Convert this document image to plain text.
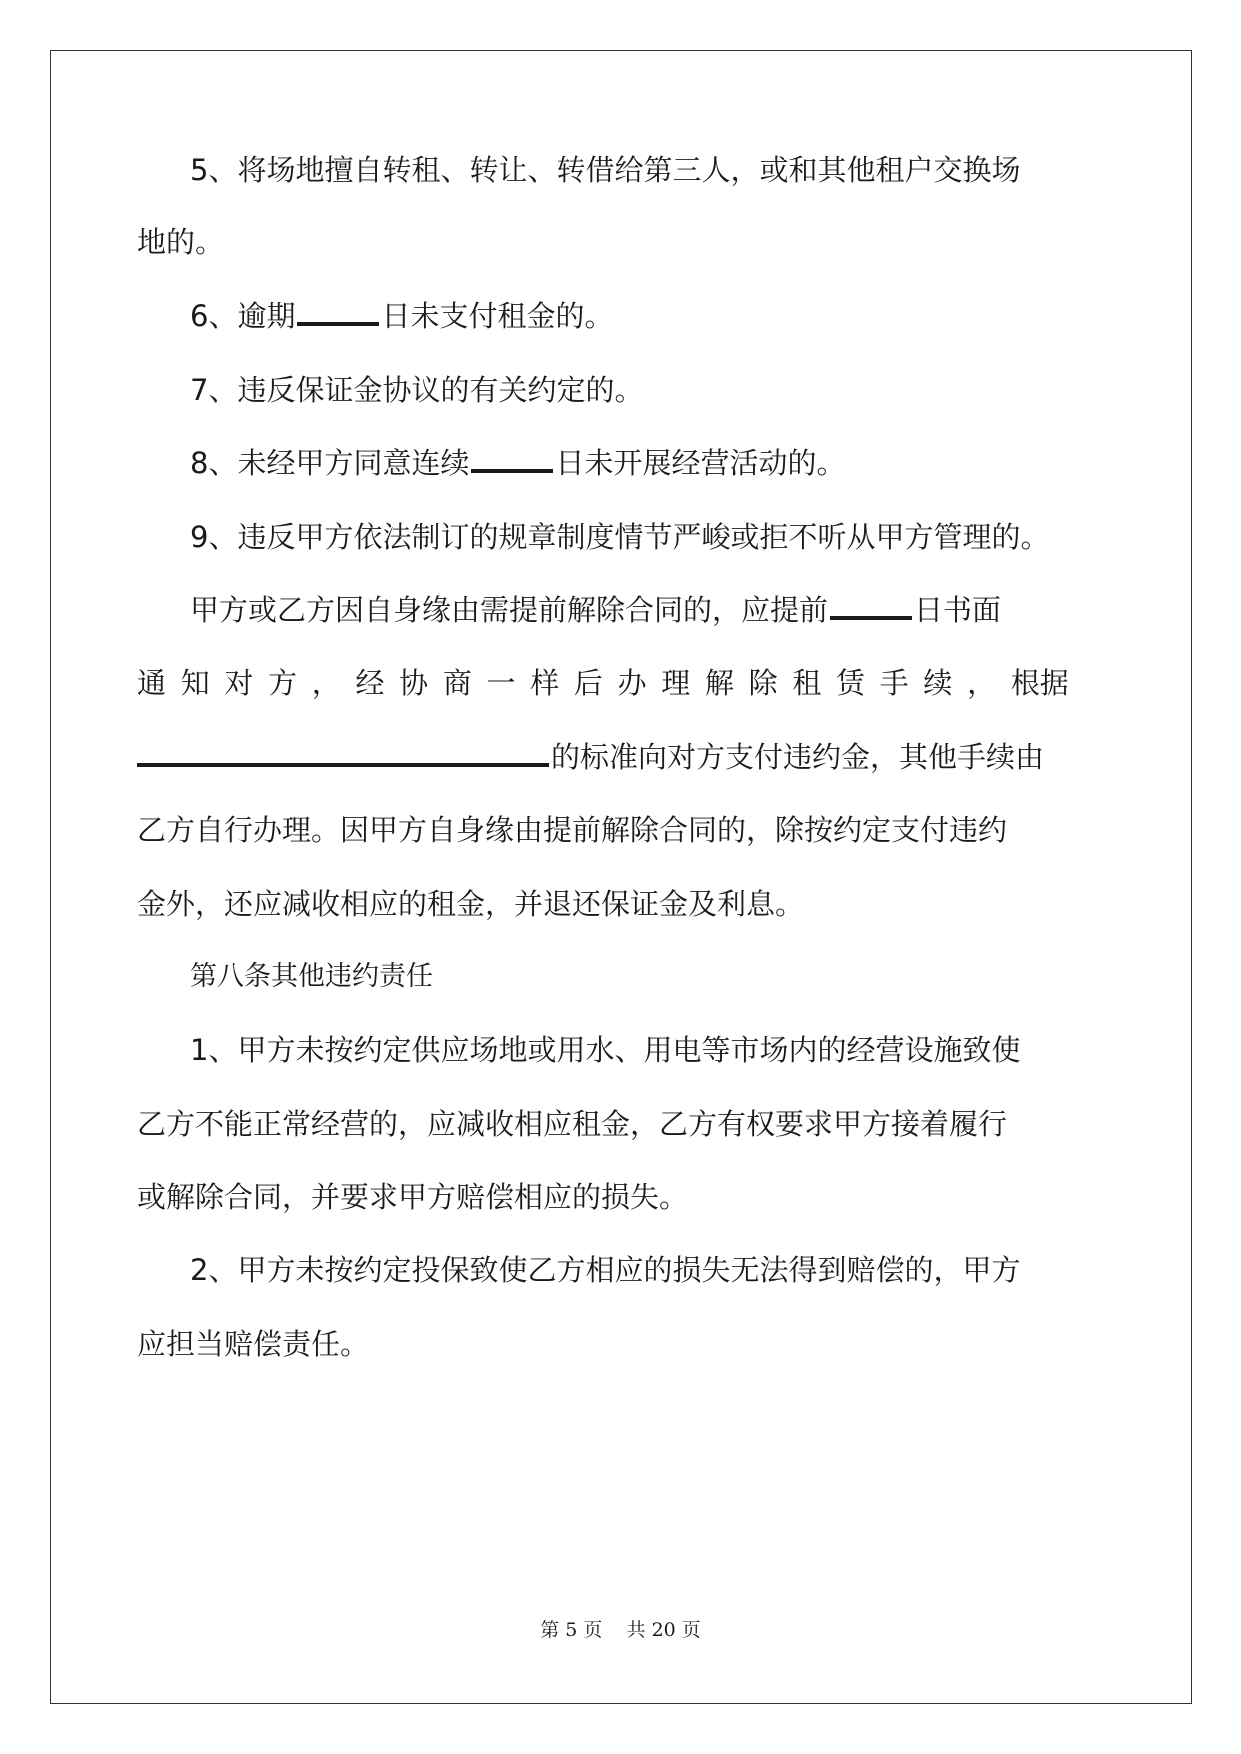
5、将场地擅自转租、转让、转借给第三人，或和其他租户交换场
地的。
6、逾期	日未支付租金的。
7、违反保证金协议的有关约定的。
8、未经甲方同意连续	日未开展经营活动的。
9、违反甲方依法制订的规章制度情节严峻或拒不听从甲方管理的。
甲方或乙方因自身缘由需提前解除合同的，应提前	日书面
通 知 对 方 ， 经 协 商 一 样 后 办 理 解 除 租 赁 手 续 ， 根据
的标准向对方支付违约金，其他手续由
乙方自行办理。因甲方自身缘由提前解除合同的，除按约定支付违约
金外，还应减收相应的租金，并退还保证金及利息。
第八条其他违约责任
1、甲方未按约定供应场地或用水、用电等市场内的经营设施致使
乙方不能正常经营的，应减收相应租金，乙方有权要求甲方接着履行
或解除合同，并要求甲方赔偿相应的损失。
2、甲方未按约定投保致使乙方相应的损失无法得到赔偿的，甲方
应担当赔偿责任。
第 5 页    共 20 页
